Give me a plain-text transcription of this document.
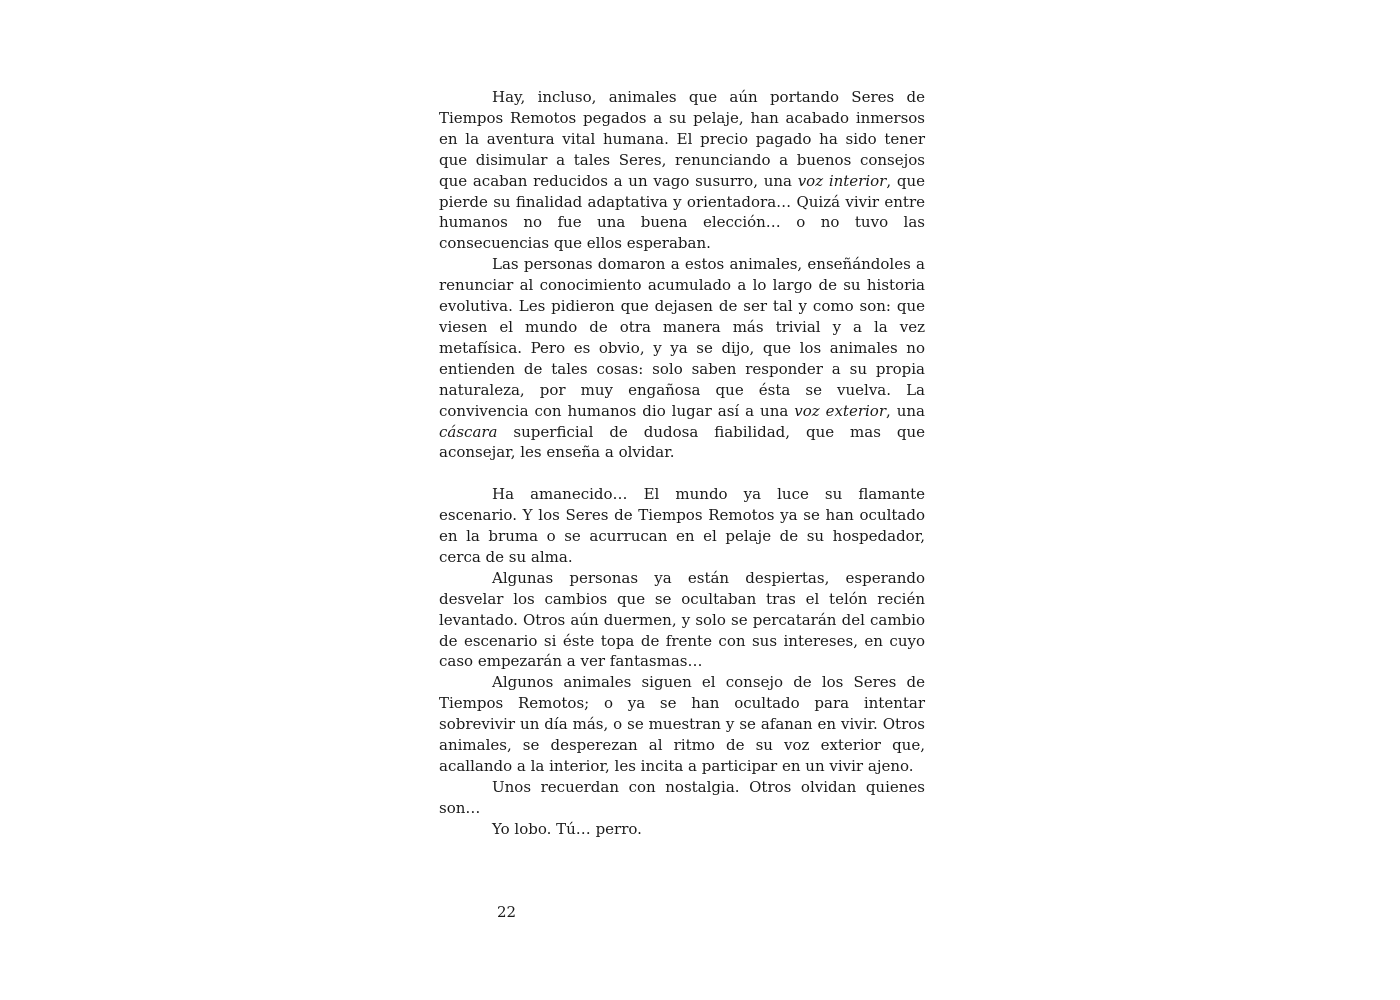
Hay, incluso, animales que aún portando Seres de Tiempos Remotos pegados a su pelaje, han acabado inmersos en la aventura vital humana. El precio pagado ha sido tener que disimular a tales Seres, renunciando a buenos consejos que acaban reducidos a un vago susurro, una voz interior, que pierde su finalidad adaptativa y orientadora… Quizá vivir entre humanos no fue una buena elección… o no tuvo las consecuencias que ellos esperaban.

Las personas domaron a estos animales, enseñándoles a renunciar al conocimiento acumulado a lo largo de su historia evolutiva. Les pidieron que dejasen de ser tal y como son: que viesen el mundo de otra manera más trivial y a la vez metafísica. Pero es obvio, y ya se dijo, que los animales no entienden de tales cosas: solo saben responder a su propia naturaleza, por muy engañosa que ésta se vuelva. La convivencia con humanos dio lugar así a una voz exterior, una cáscara superficial de dudosa fiabilidad, que mas que aconsejar, les enseña a olvidar.

Ha amanecido… El mundo ya luce su flamante escenario. Y los Seres de Tiempos Remotos ya se han ocultado en la bruma o se acurrucan en el pelaje de su hospedador, cerca de su alma.

Algunas personas ya están despiertas, esperando desvelar los cambios que se ocultaban tras el telón recién levantado. Otros aún duermen, y solo se percatarán del cambio de escenario si éste topa de frente con sus intereses, en cuyo caso empezarán a ver fantasmas…

Algunos animales siguen el consejo de los Seres de Tiempos Remotos; o ya se han ocultado para intentar sobrevivir un día más, o se muestran y se afanan en vivir. Otros animales, se desperezan al ritmo de su voz exterior que, acallando a la interior, les incita a participar en un vivir ajeno.

Unos recuerdan con nostalgia. Otros olvidan quienes son…

Yo lobo. Tú… perro.

22
